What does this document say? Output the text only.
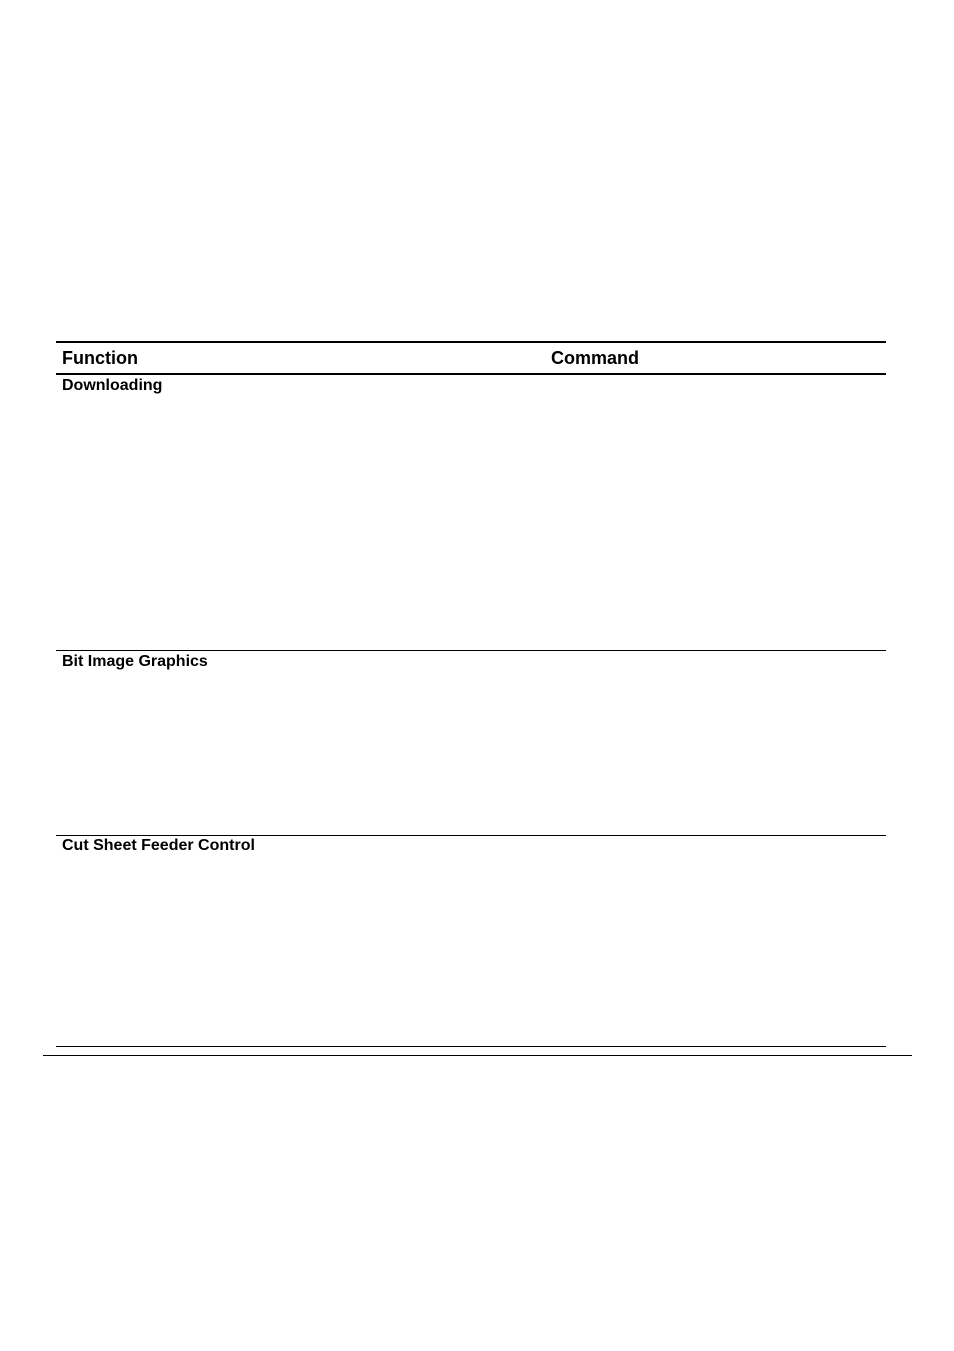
Function	Command
Downloading
Bit Image Graphics
Cut Sheet Feeder Control
